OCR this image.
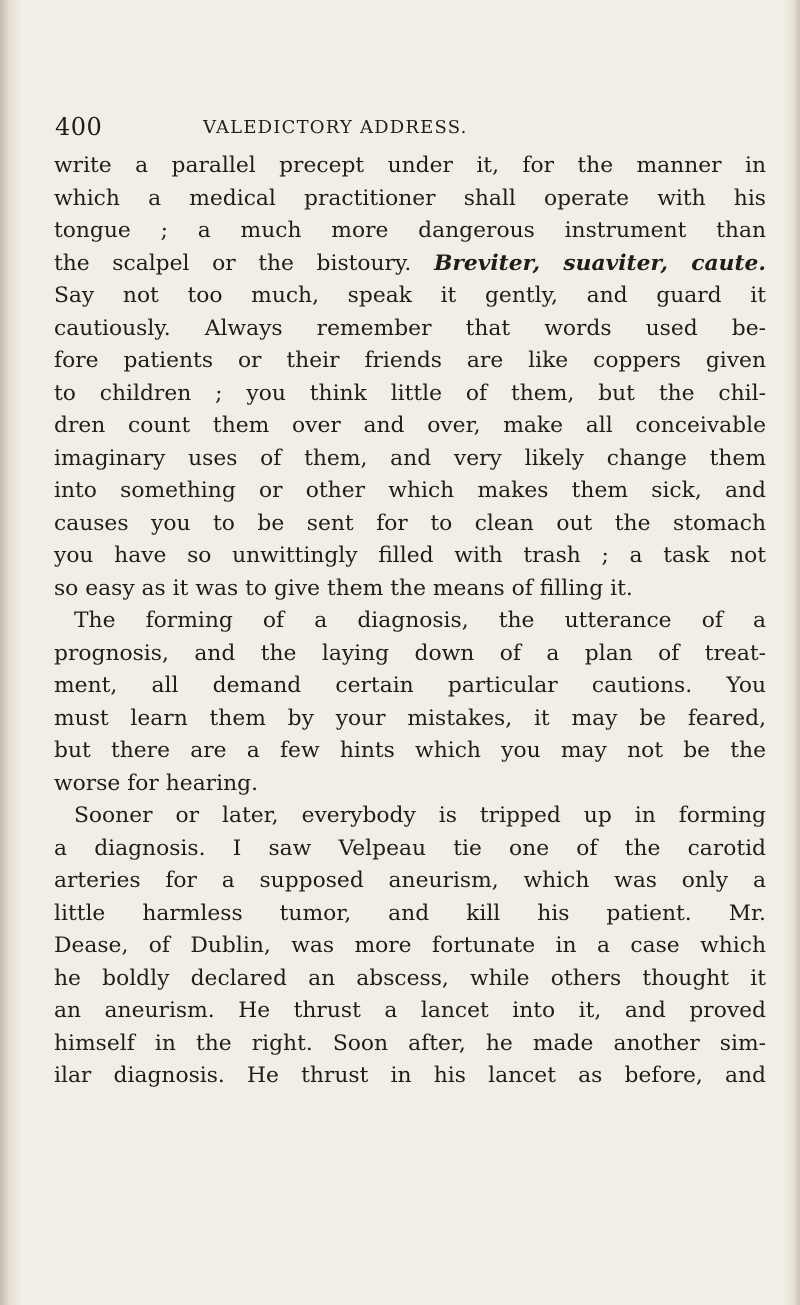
400	VALEDICTORY ADDRESS.
write a parallel precept under it, for the manner in
which a medical practitioner shall operate with his
tongue ; a much more dangerous instrument than
the scalpel or the bistoury. Breviter, suaviter, caute.
Say not too much, speak it gently, and guard it
cautiously. Always remember that words used be-
fore patients or their friends are like coppers given
to children ; you think little of them, but the chil-
dren count them over and over, make all conceivable
imaginary uses of them, and very likely change them
into something or other which makes them sick, and
causes you to be sent for to clean out the stomach
you have so unwittingly filled with trash ; a task not
so easy as it was to give them the means of filling it.
The forming of a diagnosis, the utterance of a
prognosis, and the laying down of a plan of treat-
ment, all demand certain particular cautions. You
must learn them by your mistakes, it may be feared,
but there are a few hints which you may not be the
worse for hearing.
Sooner or later, everybody is tripped up in forming
a diagnosis. I saw Velpeau tie one of the carotid
arteries for a supposed aneurism, which was only a
little harmless tumor, and kill his patient. Mr.
Dease, of Dublin, was more fortunate in a case which
he boldly declared an abscess, while others thought it
an aneurism. He thrust a lancet into it, and proved
himself in the right. Soon after, he made another sim-
ilar diagnosis. He thrust in his lancet as before, and
